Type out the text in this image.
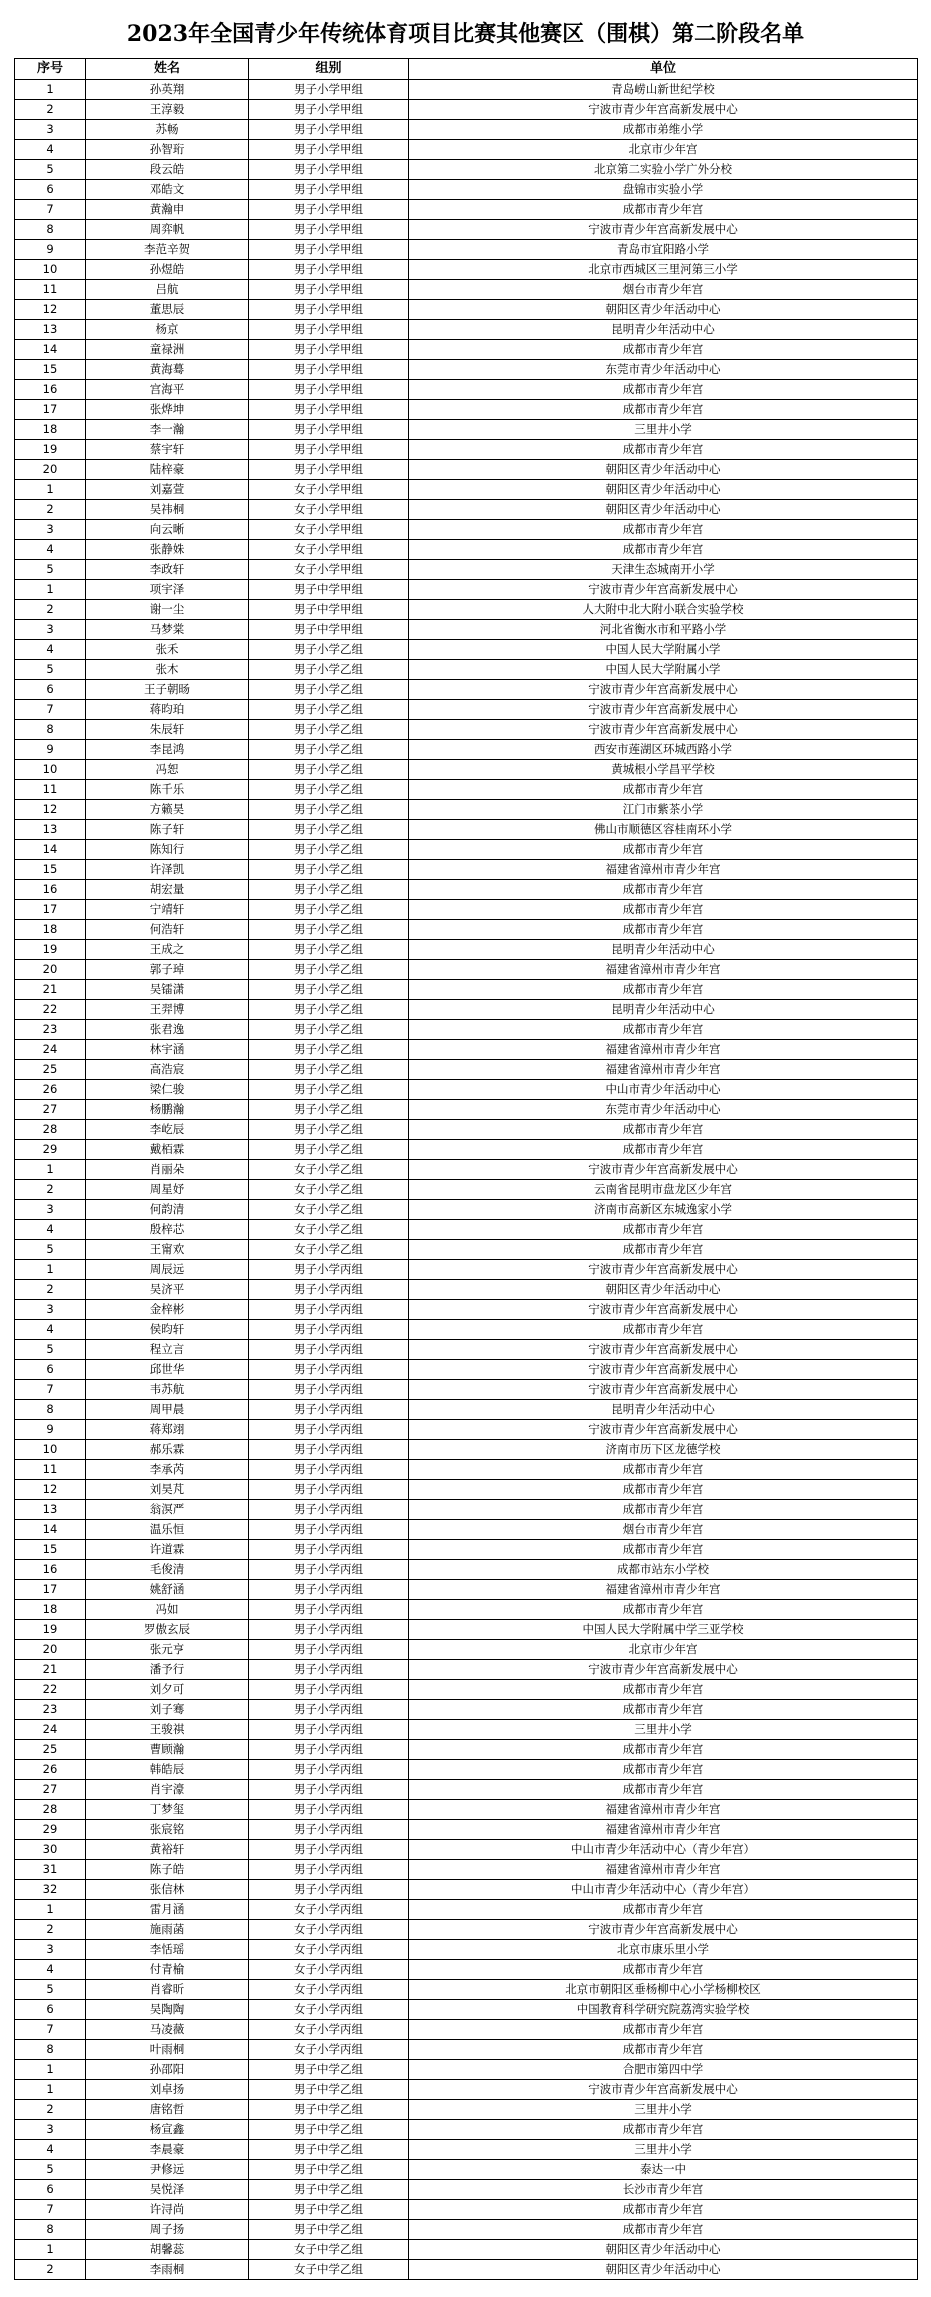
2023年全国青少年传统体育项目比赛其他赛区（围棋）第二阶段名单
序号	姓名	组别	单位
1	孙英翔	男子小学甲组	青岛崂山新世纪学校
2	王淳毅	男子小学甲组	宁波市青少年宫高新发展中心
3	苏畅	男子小学甲组	成都市弟维小学
4	孙智珩	男子小学甲组	北京市少年宫
5	段云皓	男子小学甲组	北京第二实验小学广外分校
6	邓皓文	男子小学甲组	盘锦市实验小学
7	黄瀚申	男子小学甲组	成都市青少年宫
8	周弈帆	男子小学甲组	宁波市青少年宫高新发展中心
9	李范辛贺	男子小学甲组	青岛市宜阳路小学
10	孙煜皓	男子小学甲组	北京市西城区三里河第三小学
11	吕航	男子小学甲组	烟台市青少年宫
12	董思辰	男子小学甲组	朝阳区青少年活动中心
13	杨京	男子小学甲组	昆明青少年活动中心
14	童禄洲	男子小学甲组	成都市青少年宫
15	黄海蓦	男子小学甲组	东莞市青少年活动中心
16	宫海平	男子小学甲组	成都市青少年宫
17	张烨坤	男子小学甲组	成都市青少年宫
18	李一瀚	男子小学甲组	三里井小学
19	蔡宇轩	男子小学甲组	成都市青少年宫
20	陆梓豪	男子小学甲组	朝阳区青少年活动中心
1	刘嘉萱	女子小学甲组	朝阳区青少年活动中心
2	吴祎桐	女子小学甲组	朝阳区青少年活动中心
3	向云晰	女子小学甲组	成都市青少年宫
4	张静姝	女子小学甲组	成都市青少年宫
5	李政轩	女子小学甲组	天津生态城南开小学
1	项宇泽	男子中学甲组	宁波市青少年宫高新发展中心
2	谢一尘	男子中学甲组	人大附中北大附小联合实验学校
3	马梦棠	男子中学甲组	河北省衡水市和平路小学
4	张禾	男子小学乙组	中国人民大学附属小学
5	张木	男子小学乙组	中国人民大学附属小学
6	王子朝旸	男子小学乙组	宁波市青少年宫高新发展中心
7	蒋昀珀	男子小学乙组	宁波市青少年宫高新发展中心
8	朱辰轩	男子小学乙组	宁波市青少年宫高新发展中心
9	李昆鸿	男子小学乙组	西安市莲湖区环城西路小学
10	冯恕	男子小学乙组	黄城根小学昌平学校
11	陈千乐	男子小学乙组	成都市青少年宫
12	方籁昊	男子小学乙组	江门市紫茶小学
13	陈子轩	男子小学乙组	佛山市顺德区容桂南环小学
14	陈知行	男子小学乙组	成都市青少年宫
15	许泽凯	男子小学乙组	福建省漳州市青少年宫
16	胡宏量	男子小学乙组	成都市青少年宫
17	宁靖轩	男子小学乙组	成都市青少年宫
18	何浩轩	男子小学乙组	成都市青少年宫
19	王成之	男子小学乙组	昆明青少年活动中心
20	郭子琸	男子小学乙组	福建省漳州市青少年宫
21	吴镭潇	男子小学乙组	成都市青少年宫
22	王羿博	男子小学乙组	昆明青少年活动中心
23	张君逸	男子小学乙组	成都市青少年宫
24	林宇涵	男子小学乙组	福建省漳州市青少年宫
25	高浩宸	男子小学乙组	福建省漳州市青少年宫
26	梁仁骏	男子小学乙组	中山市青少年活动中心
27	杨鹏瀚	男子小学乙组	东莞市青少年活动中心
28	李屹辰	男子小学乙组	成都市青少年宫
29	戴栢霖	男子小学乙组	成都市青少年宫
1	肖丽朵	女子小学乙组	宁波市青少年宫高新发展中心
2	周星妤	女子小学乙组	云南省昆明市盘龙区少年宫
3	何韵清	女子小学乙组	济南市高新区东城逸家小学
4	殷梓芯	女子小学乙组	成都市青少年宫
5	王甯欢	女子小学乙组	成都市青少年宫
1	周辰远	男子小学丙组	宁波市青少年宫高新发展中心
2	吴济平	男子小学丙组	朝阳区青少年活动中心
3	金梓彬	男子小学丙组	宁波市青少年宫高新发展中心
4	侯昀轩	男子小学丙组	成都市青少年宫
5	程立言	男子小学丙组	宁波市青少年宫高新发展中心
6	邱世华	男子小学丙组	宁波市青少年宫高新发展中心
7	韦苏航	男子小学丙组	宁波市青少年宫高新发展中心
8	周甲晨	男子小学丙组	昆明青少年活动中心
9	蒋郑翊	男子小学丙组	宁波市青少年宫高新发展中心
10	郝乐霖	男子小学丙组	济南市历下区龙德学校
11	李承芮	男子小学丙组	成都市青少年宫
12	刘昊芃	男子小学丙组	成都市青少年宫
13	翁溟严	男子小学丙组	成都市青少年宫
14	温乐恒	男子小学丙组	烟台市青少年宫
15	许道霖	男子小学丙组	成都市青少年宫
16	毛俊清	男子小学丙组	成都市站东小学校
17	姚舒涵	男子小学丙组	福建省漳州市青少年宫
18	冯如	男子小学丙组	成都市青少年宫
19	罗傲玄辰	男子小学丙组	中国人民大学附属中学三亚学校
20	张元亨	男子小学丙组	北京市少年宫
21	潘予行	男子小学丙组	宁波市青少年宫高新发展中心
22	刘夕可	男子小学丙组	成都市青少年宫
23	刘子骞	男子小学丙组	成都市青少年宫
24	王骏祺	男子小学丙组	三里井小学
25	曹顾瀚	男子小学丙组	成都市青少年宫
26	韩皓辰	男子小学丙组	成都市青少年宫
27	肖宇濠	男子小学丙组	成都市青少年宫
28	丁梦玺	男子小学丙组	福建省漳州市青少年宫
29	张宸铭	男子小学丙组	福建省漳州市青少年宫
30	黄裕轩	男子小学丙组	中山市青少年活动中心（青少年宫）
31	陈子皓	男子小学丙组	福建省漳州市青少年宫
32	张信林	男子小学丙组	中山市青少年活动中心（青少年宫）
1	雷月涵	女子小学丙组	成都市青少年宫
2	施雨菡	女子小学丙组	宁波市青少年宫高新发展中心
3	李恬瑶	女子小学丙组	北京市康乐里小学
4	付青榆	女子小学丙组	成都市青少年宫
5	肖睿昕	女子小学丙组	北京市朝阳区垂杨柳中心小学杨柳校区
6	吴陶陶	女子小学丙组	中国教育科学研究院荔湾实验学校
7	马凌薇	女子小学丙组	成都市青少年宫
8	叶雨桐	女子小学丙组	成都市青少年宫
1	孙邵阳	男子中学乙组	合肥市第四中学
1	刘卓扬	男子中学乙组	宁波市青少年宫高新发展中心
2	唐铭哲	男子中学乙组	三里井小学
3	杨宣鑫	男子中学乙组	成都市青少年宫
4	李晨豪	男子中学乙组	三里井小学
5	尹修远	男子中学乙组	泰达一中
6	吴悦泽	男子中学乙组	长沙市青少年宫
7	许浔尚	男子中学乙组	成都市青少年宫
8	周子扬	男子中学乙组	成都市青少年宫
1	胡馨蕊	女子中学乙组	朝阳区青少年活动中心
2	李雨桐	女子中学乙组	朝阳区青少年活动中心
